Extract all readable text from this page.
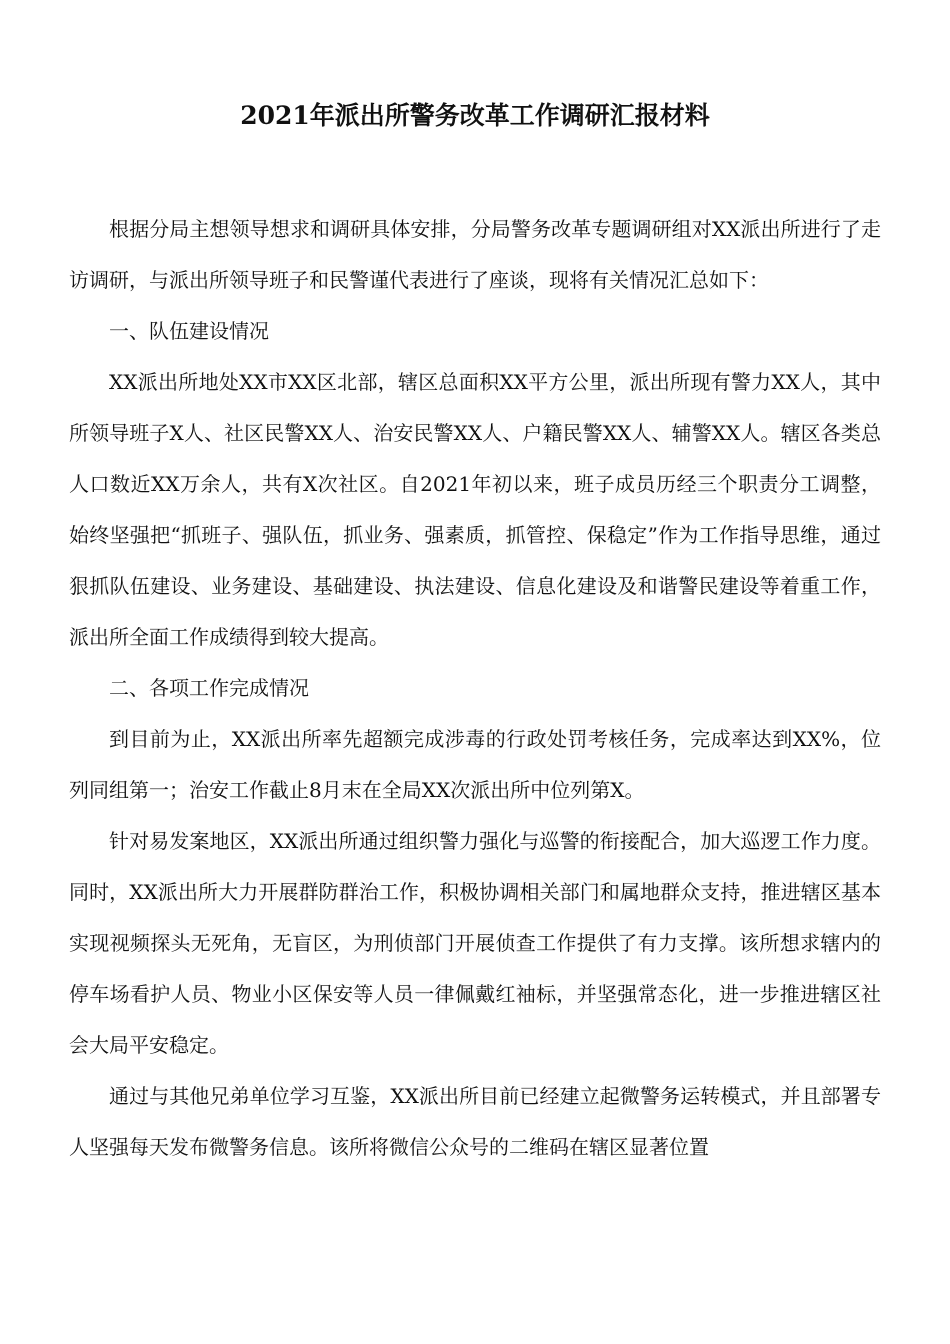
2021年派出所警务改革工作调研汇报材料

根据分局主想领导想求和调研具体安排，分局警务改革专题调研组对XX派出所进行了走访调研，与派出所领导班子和民警谨代表进行了座谈，现将有关情况汇总如下：

一、队伍建设情况

XX派出所地处XX市XX区北部，辖区总面积XX平方公里，派出所现有警力XX人，其中所领导班子X人、社区民警XX人、治安民警XX人、户籍民警XX人、辅警XX人。辖区各类总人口数近XX万余人，共有X次社区。自2021年初以来，班子成员历经三个职责分工调整，始终坚强把“抓班子、强队伍，抓业务、强素质，抓管控、保稳定”作为工作指导思维，通过狠抓队伍建设、业务建设、基础建设、执法建设、信息化建设及和谐警民建设等着重工作，派出所全面工作成绩得到较大提高。

二、各项工作完成情况

到目前为止，XX派出所率先超额完成涉毒的行政处罚考核任务，完成率达到XX%，位列同组第一；治安工作截止8月末在全局XX次派出所中位列第X。

针对易发案地区，XX派出所通过组织警力强化与巡警的衔接配合，加大巡逻工作力度。同时，XX派出所大力开展群防群治工作，积极协调相关部门和属地群众支持，推进辖区基本实现视频探头无死角，无盲区，为刑侦部门开展侦查工作提供了有力支撑。该所想求辖内的停车场看护人员、物业小区保安等人员一律佩戴红袖标，并坚强常态化，进一步推进辖区社会大局平安稳定。

通过与其他兄弟单位学习互鉴，XX派出所目前已经建立起微警务运转模式，并且部署专人坚强每天发布微警务信息。该所将微信公众号的二维码在辖区显著位置
